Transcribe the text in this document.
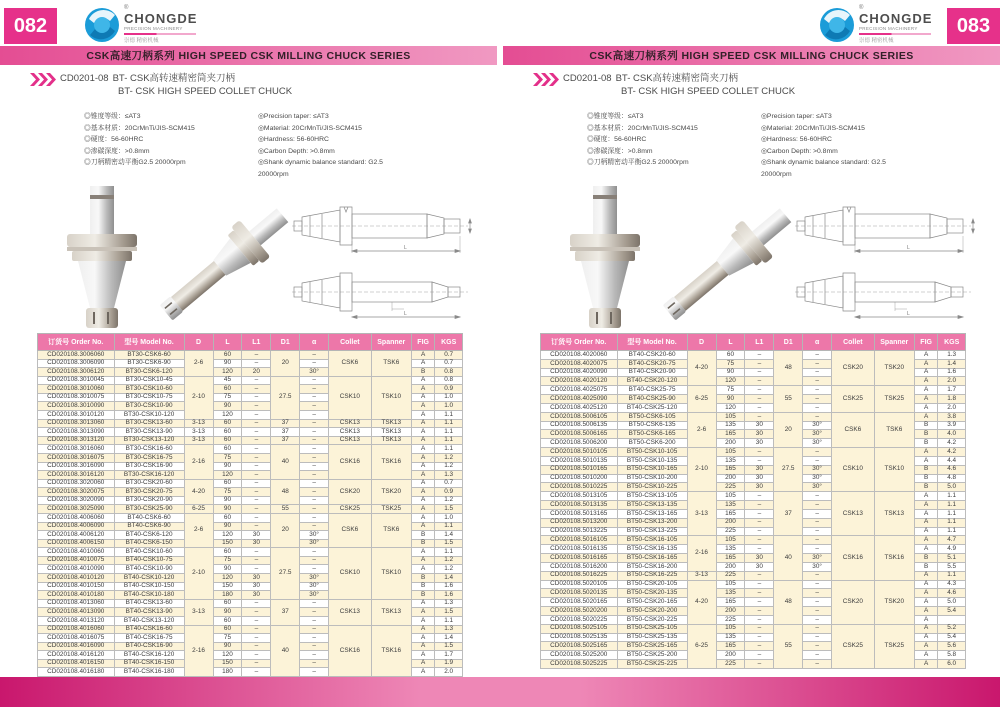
082
®
CHONGDE
PRECISION MACHINERY
崇德 精密机械
CSK高速刀柄系列 HIGH SPEED CSK MILLING CHUCK SERIES
CD0201-08 BT- CSK高转速精密筒夹刀柄
BT- CSK HIGH SPEED COLLET CHUCK
◎锥度等级：≤AT3
◎基本材质：20CrMnTi/JIS-SCM415
◎硬度：56-60HRC
◎渗碳深度：>0.8mm
◎刀柄精密动平衡G2.5 20000rpm
◎Precision taper: ≤AT3
◎Material: 20CrMnTi/JIS-SCM415
◎Hardness: 56-60HRC
◎Carbon Depth: >0.8mm
◎Shank dynamic balance standard: G2.5 20000rpm
L
L
订货号 Order No.	型号 Model No.	D	L	L1	D1	α	Collet	Spanner	FIG	KGS
CD020108.3006060	BT30-CSK6-60	2-6	60	–	20	–	CSK6	TSK6	A	0.7
CD020108.3006090	BT30-CSK6-90		90	–		–			A	0.7
CD020108.3006120	BT30-CSK6-120		120	20		30°			B	0.8
CD020108.3010045	BT30-CSK10-45	2-10	45	–	27.5	–	CSK10	TSK10	A	0.8
CD020108.3010060	BT30-CSK10-60		60	–		–			A	0.9
CD020108.3010075	BT30-CSK10-75		75	–		–			A	1.0
CD020108.3010090	BT30-CSK10-90		90	–		–			A	1.0
CD020108.3010120	BT30-CSK10-120		120	–		–			A	1.1
CD020108.3013060	BT30-CSK13-60	3-13	60	–	37	–	CSK13	TSK13	A	1.1
CD020108.3013090	BT30-CSK13-90	3-13	60	–	37	–	CSK13	TSK13	A	1.1
CD020108.3013120	BT30-CSK13-120	3-13	60	–	37	–	CSK13	TSK13	A	1.1
CD020108.3016060	BT30-CSK16-60	2-16	60	–	40	–	CSK16	TSK16	A	1.1
CD020108.3016075	BT30-CSK16-75		75	–		–			A	1.2
CD020108.3016090	BT30-CSK16-90		90	–		–			A	1.2
CD020108.3016120	BT30-CSK16-120		120	–		–			A	1.3
CD020108.3020060	BT30-CSK20-60	4-20	60	–	48	–	CSK20	TSK20	A	0.7
CD020108.3020075	BT30-CSK20-75		75	–		–			A	0.9
CD020108.3020090	BT30-CSK20-90		90	–		–			A	1.2
CD020108.3025090	BT30-CSK25-90	6-25	90	–	55	–	CSK25	TSK25	A	1.5
CD020108.4006060	BT40-CSK6-60	2-6	60	–	20	–	CSK6	TSK6	A	1.0
CD020108.4006090	BT40-CSK6-90		90	–		–			A	1.1
CD020108.4006120	BT40-CSK6-120		120	30		30°			B	1.4
CD020108.4006150	BT40-CSK6-150		150	30		30°			B	1.5
CD020108.4010060	BT40-CSK10-60	2-10	60	–	27.5	–	CSK10	TSK10	A	1.1
CD020108.4010075	BT40-CSK10-75		75	–		–			A	1.2
CD020108.4010090	BT40-CSK10-90		90	–		–			A	1.2
CD020108.4010120	BT40-CSK10-120		120	30		30°			B	1.4
CD020108.4010150	BT40-CSK10-150		150	30		30°			B	1.6
CD020108.4010180	BT40-CSK10-180		180	30		30°			B	1.6
CD020108.4013060	BT40-CSK13-60	3-13	60	–	37	–	CSK13	TSK13	A	1.3
CD020108.4013090	BT40-CSK13-90		90	–		–			A	1.5
CD020108.4013120	BT40-CSK13-120		60	–		–			A	1.1
CD020108.4016060	BT40-CSK16-60	2-16	60	–	40	–	CSK16	TSK16	A	1.3
CD020108.4016075	BT40-CSK16-75		75	–		–			A	1.4
CD020108.4016090	BT40-CSK16-90		90	–		–			A	1.5
CD020108.4016120	BT40-CSK16-120		120	–		–			A	1.7
CD020108.4016150	BT40-CSK16-150		150	–		–			A	1.9
CD020108.4016180	BT40-CSK16-180		180	–		–			A	2.0
083
®
CHONGDE
PRECISION MACHINERY
崇德 精密机械
CSK高速刀柄系列 HIGH SPEED CSK MILLING CHUCK SERIES
CD0201-08 BT- CSK高转速精密筒夹刀柄
BT- CSK HIGH SPEED COLLET CHUCK
◎锥度等级：≤AT3
◎基本材质：20CrMnTi/JIS-SCM415
◎硬度：56-60HRC
◎渗碳深度：>0.8mm
◎刀柄精密动平衡G2.5 20000rpm
◎Precision taper: ≤AT3
◎Material: 20CrMnTi/JIS-SCM415
◎Hardness: 56-60HRC
◎Carbon Depth: >0.8mm
◎Shank dynamic balance standard: G2.5 20000rpm
L
L
订货号 Order No.	型号 Model No.	D	L	L1	D1	α	Collet	Spanner	FIG	KGS
CD020108.4020060	BT40-CSK20-60	4-20	60	–	48	–	CSK20	TSK20	A	1.3
CD020108.4020075	BT40-CSK20-75		75	–		–			A	1.4
CD020108.4020090	BT40-CSK20-90		90	–		–			A	1.6
CD020108.4020120	BT40-CSK20-120		120	–		–			A	2.0
CD020108.4025075	BT40-CSK25-75	6-25	75	–	55	–	CSK25	TSK25	A	1.7
CD020108.4025090	BT40-CSK25-90		90	–		–			A	1.8
CD020108.4025120	BT40-CSK25-120		120	–		–			A	2.0
CD020108.5006105	BT50-CSK6-105	2-6	105	–	20	–	CSK6	TSK6	A	3.8
CD020108.5006135	BT50-CSK6-135		135	30		30°			B	3.9
CD020108.5006165	BT50-CSK6-165		165	30		30°			B	4.0
CD020108.5006200	BT50-CSK6-200		200	30		30°			B	4.2
CD020108.5010105	BT50-CSK10-105	2-10	105	–	27.5	–	CSK10	TSK10	A	4.2
CD020108.5010135	BT50-CSK10-135		135	–		–			A	4.4
CD020108.5010165	BT50-CSK10-165		165	30		30°			B	4.6
CD020108.5010200	BT50-CSK10-200		200	30		30°			B	4.8
CD020108.5010225	BT50-CSK10-225		225	30		30°			B	5.0
CD020108.5013105	BT50-CSK13-105	3-13	105	–	37	–	CSK13	TSK13	A	1.1
CD020108.5013135	BT50-CSK13-135		135	–		–			A	1.1
CD020108.5013165	BT50-CSK13-165		165	–		–			A	1.1
CD020108.5013200	BT50-CSK13-200		200	–		–			A	1.1
CD020108.5013225	BT50-CSK13-225		225	–		–			A	1.1
CD020108.5016105	BT50-CSK16-105	2-16	105	–	40	–	CSK16	TSK16	A	4.7
CD020108.5016135	BT50-CSK16-135		135	–		–			A	4.9
CD020108.5016165	BT50-CSK16-165		165	30		30°			B	5.1
CD020108.5016200	BT50-CSK16-200		200	30		30°			B	5.5
CD020108.5016225	BT50-CSK16-225	3-13	225	–		–			A	1.1
CD020108.5020105	BT50-CSK20-105	4-20	105	–	48	–	CSK20	TSK20	A	4.3
CD020108.5020135	BT50-CSK20-135		135	–		–			A	4.6
CD020108.5020165	BT50-CSK20-165		165	–		–			A	5.0
CD020108.5020200	BT50-CSK20-200		200	–		–			A	5.4
CD020108.5020225	BT50-CSK20-225		225	–		–			A	
CD020108.5025105	BT50-CSK25-105	6-25	105	–	55	–	CSK25	TSK25	A	5.2
CD020108.5025135	BT50-CSK25-135		135	–		–			A	5.4
CD020108.5025165	BT50-CSK25-165		165	–		–			A	5.6
CD020108.5025200	BT50-CSK25-200		200	–		–			A	5.8
CD020108.5025225	BT50-CSK25-225		225	–		–			A	6.0
